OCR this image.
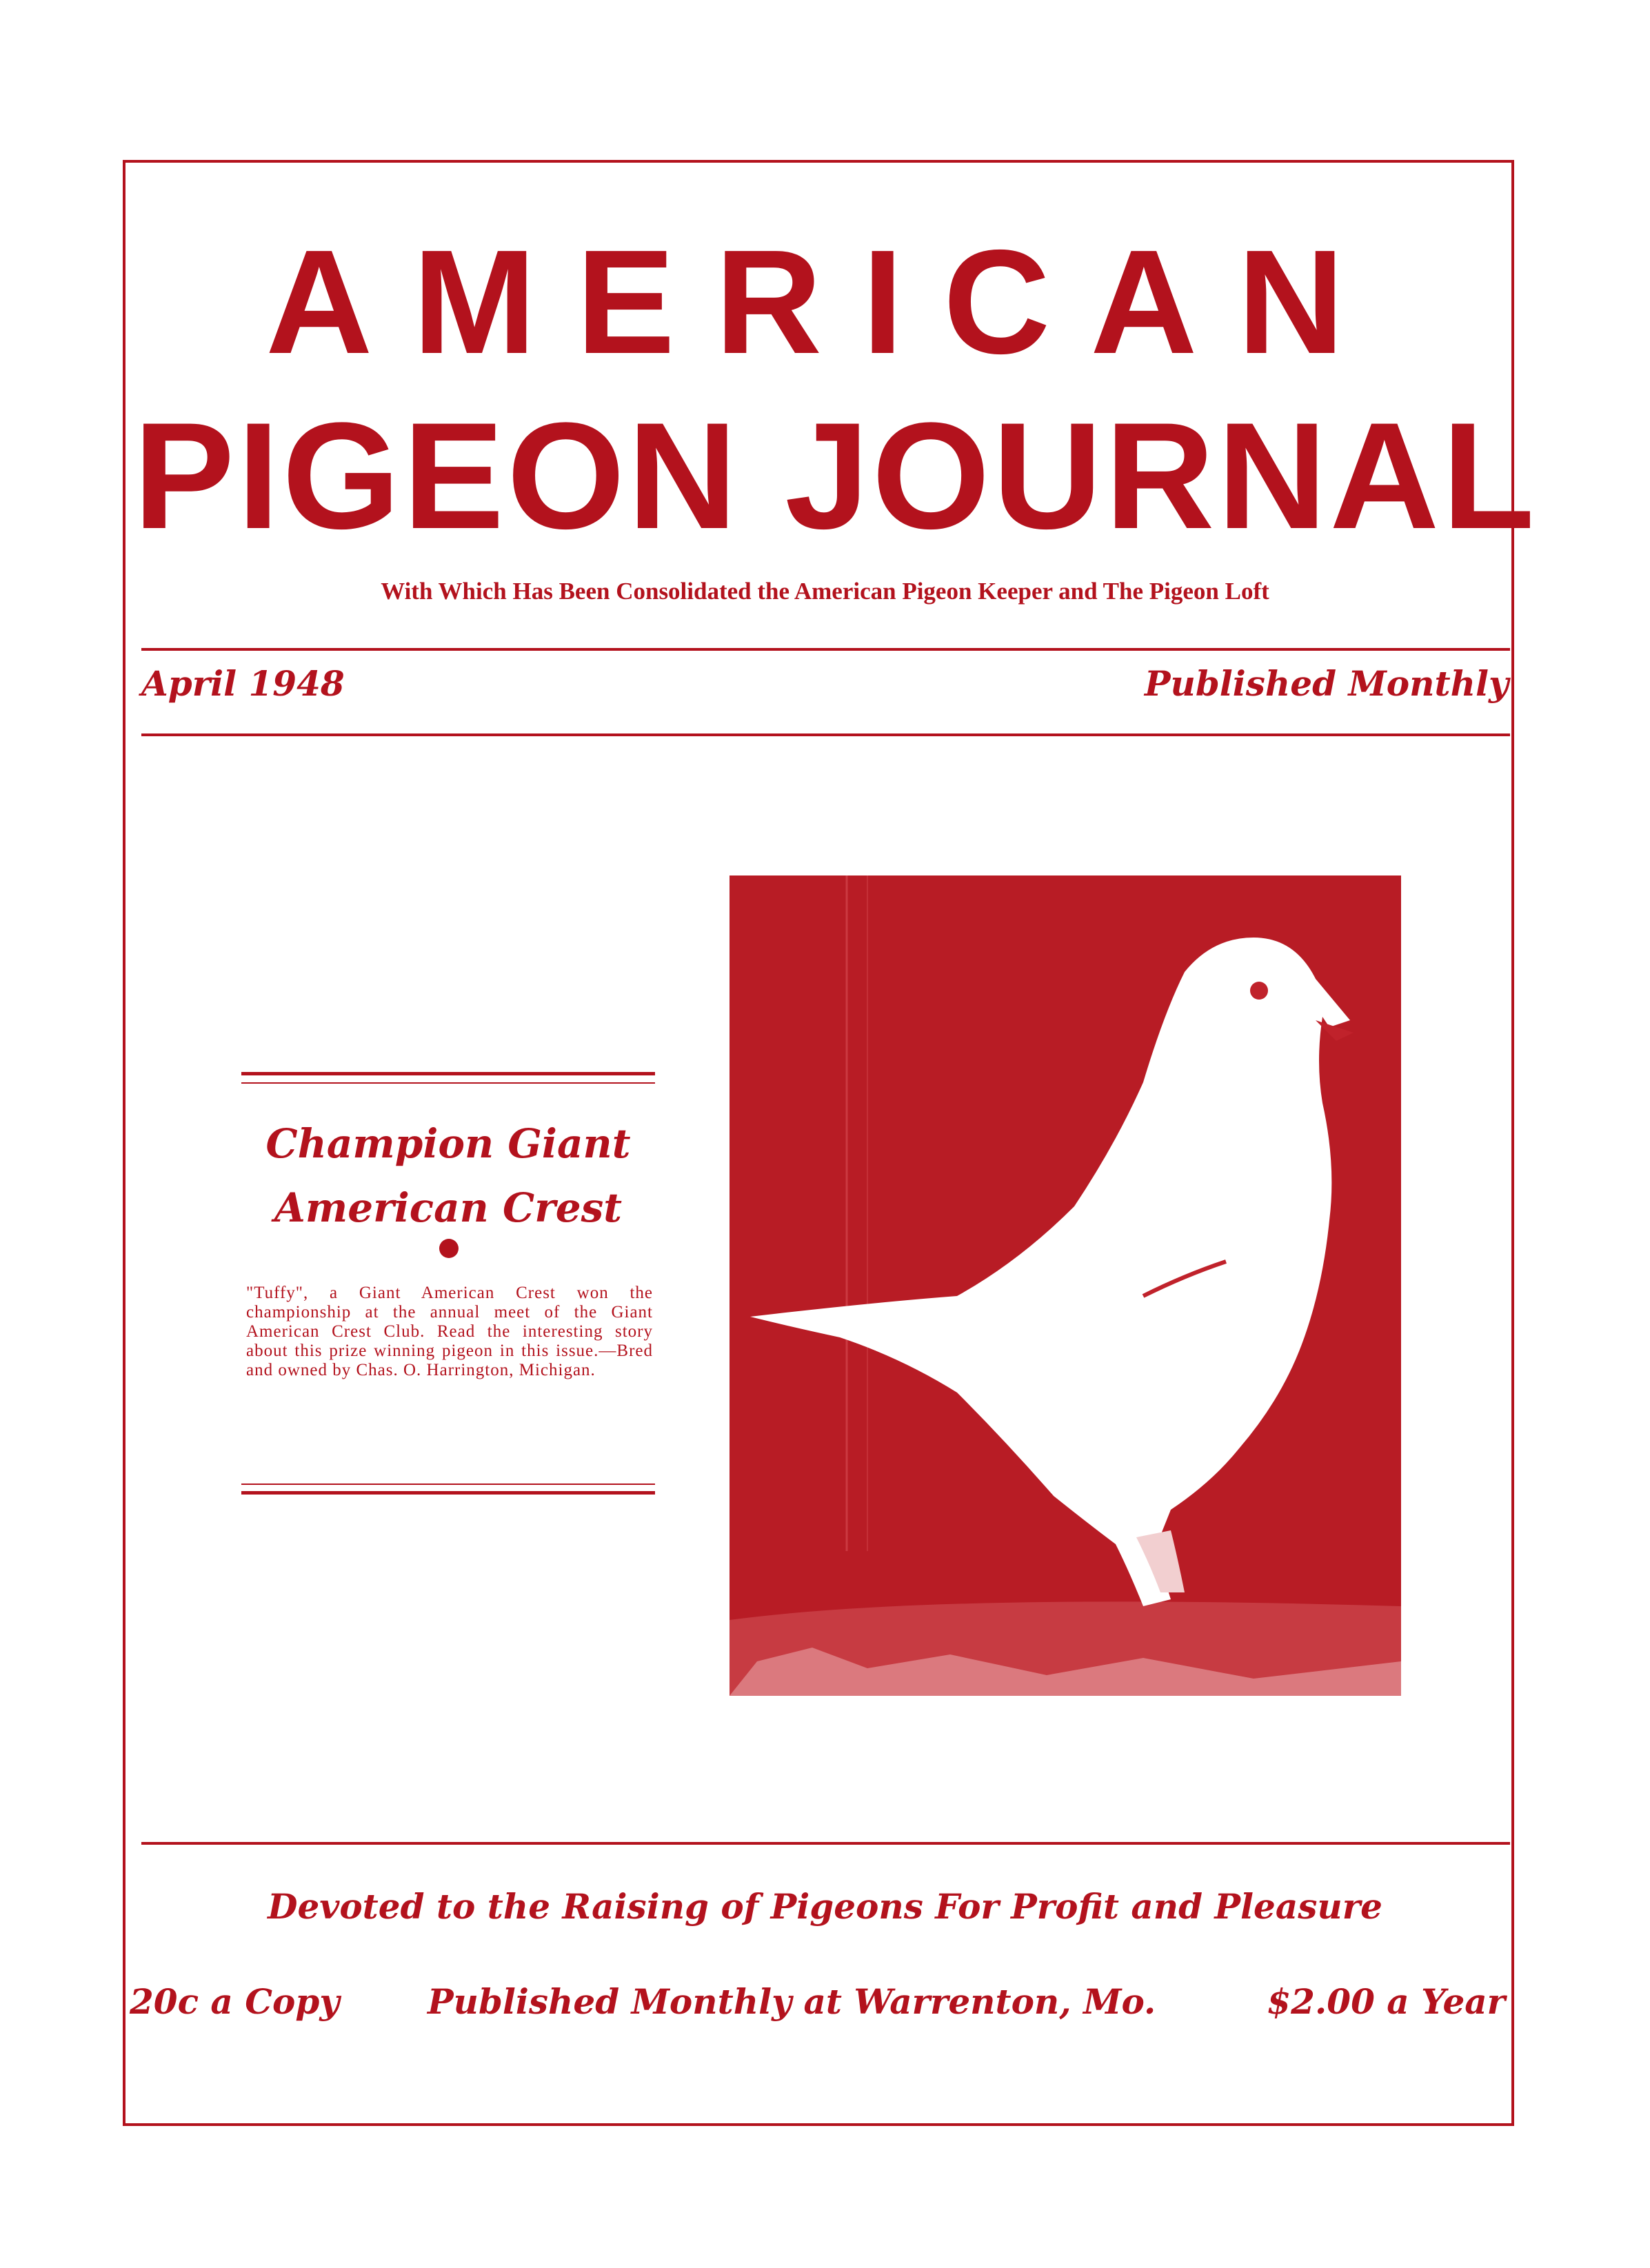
AMERICAN
PIGEON JOURNAL
With Which Has Been Consolidated the American Pigeon Keeper and The Pigeon Loft
April 1948	Published Monthly
Champion Giant
American Crest
"Tuffy", a Giant American Crest won the championship at the annual meet of the Giant American Crest Club. Read the interesting story about this prize winning pigeon in this issue.—Bred and owned by Chas. O. Harrington, Michigan.
Devoted to the Raising of Pigeons For Profit and Pleasure
20c a Copy	Published Monthly at Warrenton, Mo.	$2.00 a Year
